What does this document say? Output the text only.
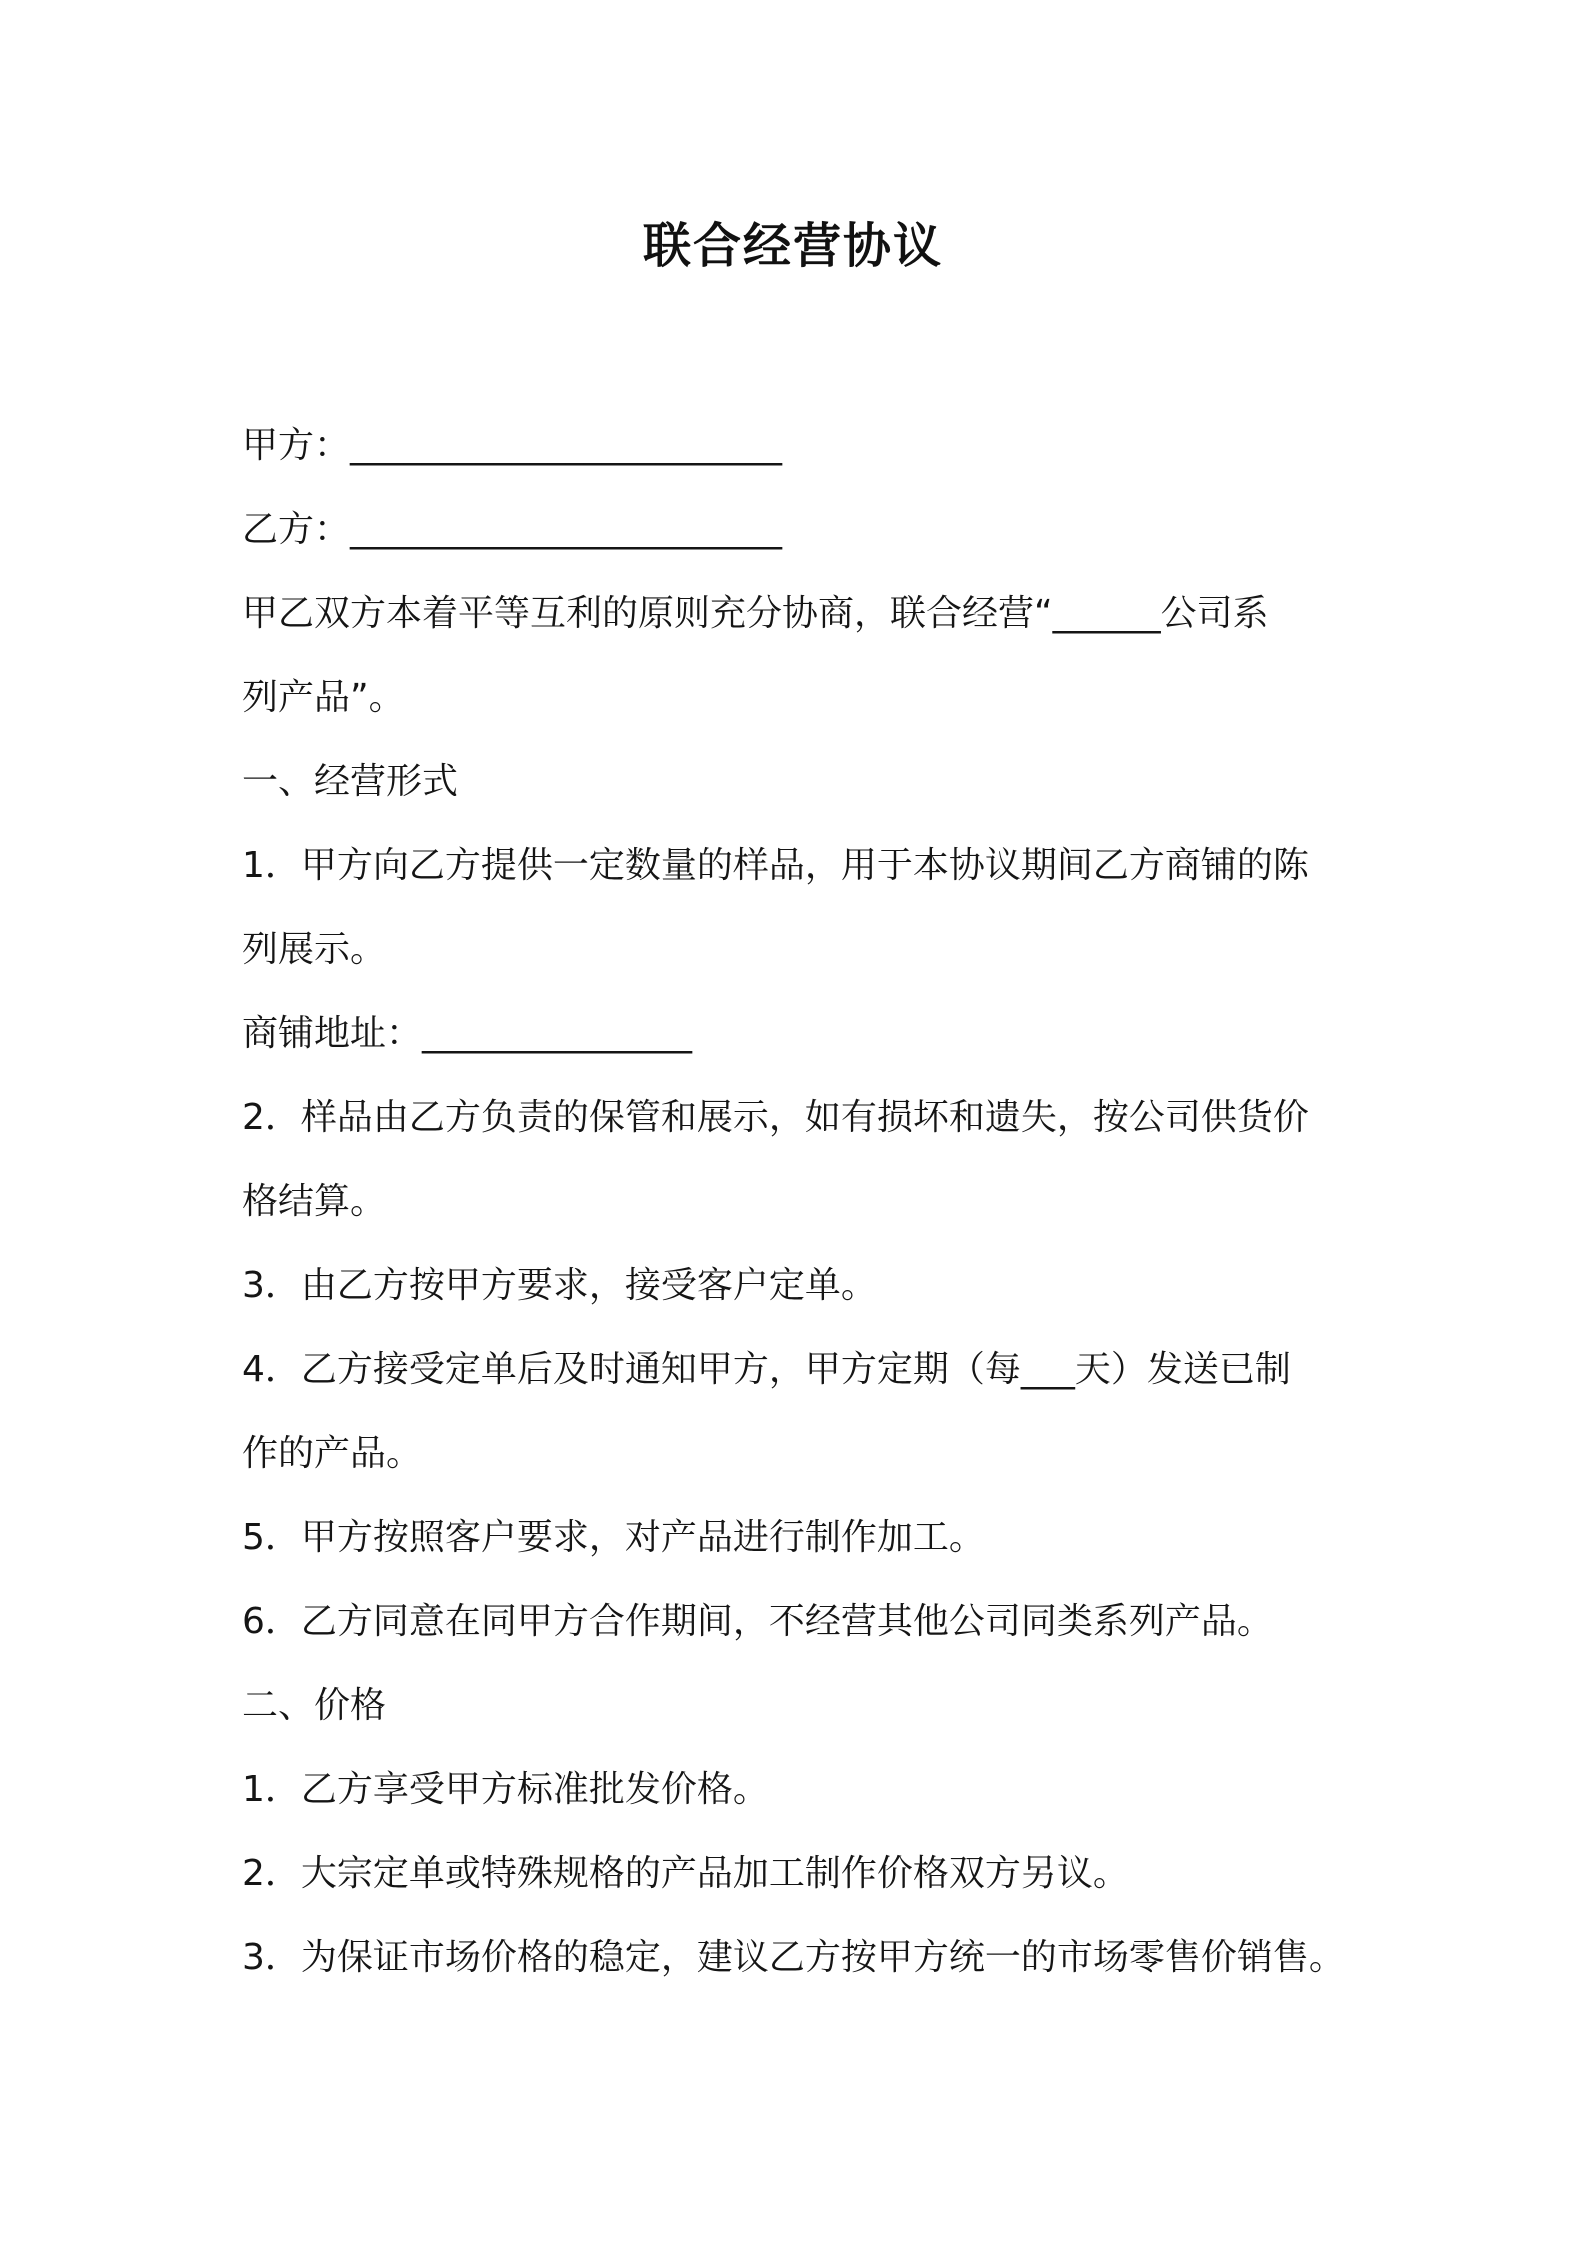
联合经营协议
甲方：________________________
乙方：________________________
甲乙双方本着平等互利的原则充分协商，联合经营“______公司系
列产品”。
一、经营形式
1．甲方向乙方提供一定数量的样品，用于本协议期间乙方商铺的陈
列展示。
商铺地址：_______________
2．样品由乙方负责的保管和展示，如有损坏和遗失，按公司供货价
格结算。
3．由乙方按甲方要求，接受客户定单。
4．乙方接受定单后及时通知甲方，甲方定期（每___天）发送已制
作的产品。
5．甲方按照客户要求，对产品进行制作加工。
6．乙方同意在同甲方合作期间，不经营其他公司同类系列产品。
二、价格
1．乙方享受甲方标准批发价格。
2．大宗定单或特殊规格的产品加工制作价格双方另议。
3．为保证市场价格的稳定，建议乙方按甲方统一的市场零售价销售。
